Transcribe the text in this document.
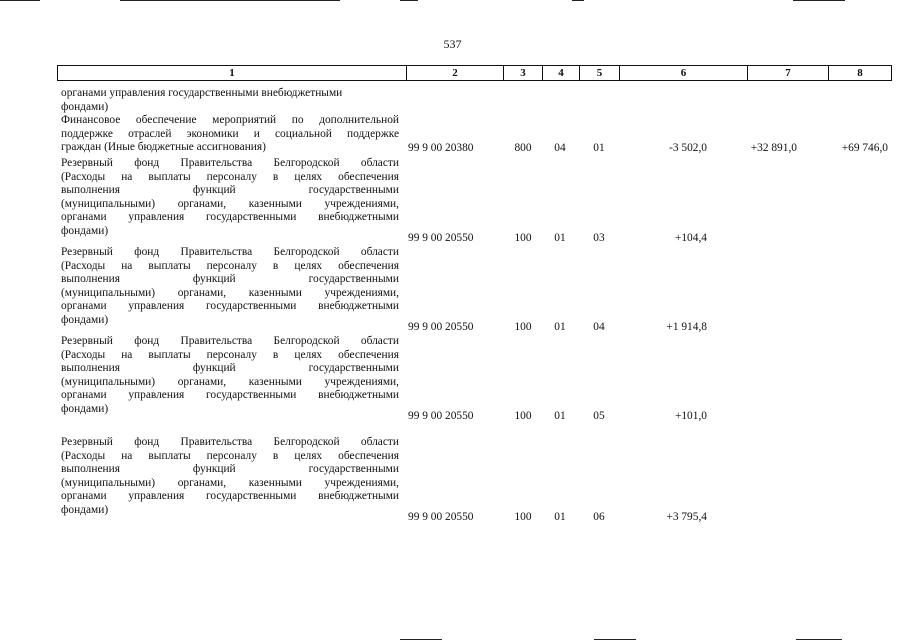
537
1	2	3	4	5	6	7	8
органами управления государственными внебюджетными
фондами)
Финансовое обеспечение мероприятий по дополнительной
поддержке отраслей экономики и социальной поддержке
граждан (Иные бюджетные ассигнования)	99 9 00 20380	800	04	01	-3 502,0	+32 891,0	+69 746,0
Резервный фонд Правительства Белгородской области
(Расходы на выплаты персоналу в целях обеспечения
выполнения функций государственными
(муниципальными) органами, казенными учреждениями,
органами управления государственными внебюджетными
фондами)
99 9 00 20550	100	01	03	+104,4
Резервный фонд Правительства Белгородской области
(Расходы на выплаты персоналу в целях обеспечения
выполнения функций государственными
(муниципальными) органами, казенными учреждениями,
органами управления государственными внебюджетными
фондами)
99 9 00 20550	100	01	04	+1 914,8
Резервный фонд Правительства Белгородской области
(Расходы на выплаты персоналу в целях обеспечения
выполнения функций государственными
(муниципальными) органами, казенными учреждениями,
органами управления государственными внебюджетными
фондами)
99 9 00 20550	100	01	05	+101,0
Резервный фонд Правительства Белгородской области
(Расходы на выплаты персоналу в целях обеспечения
выполнения функций государственными
(муниципальными) органами, казенными учреждениями,
органами управления государственными внебюджетными
фондами)
99 9 00 20550	100	01	06	+3 795,4
